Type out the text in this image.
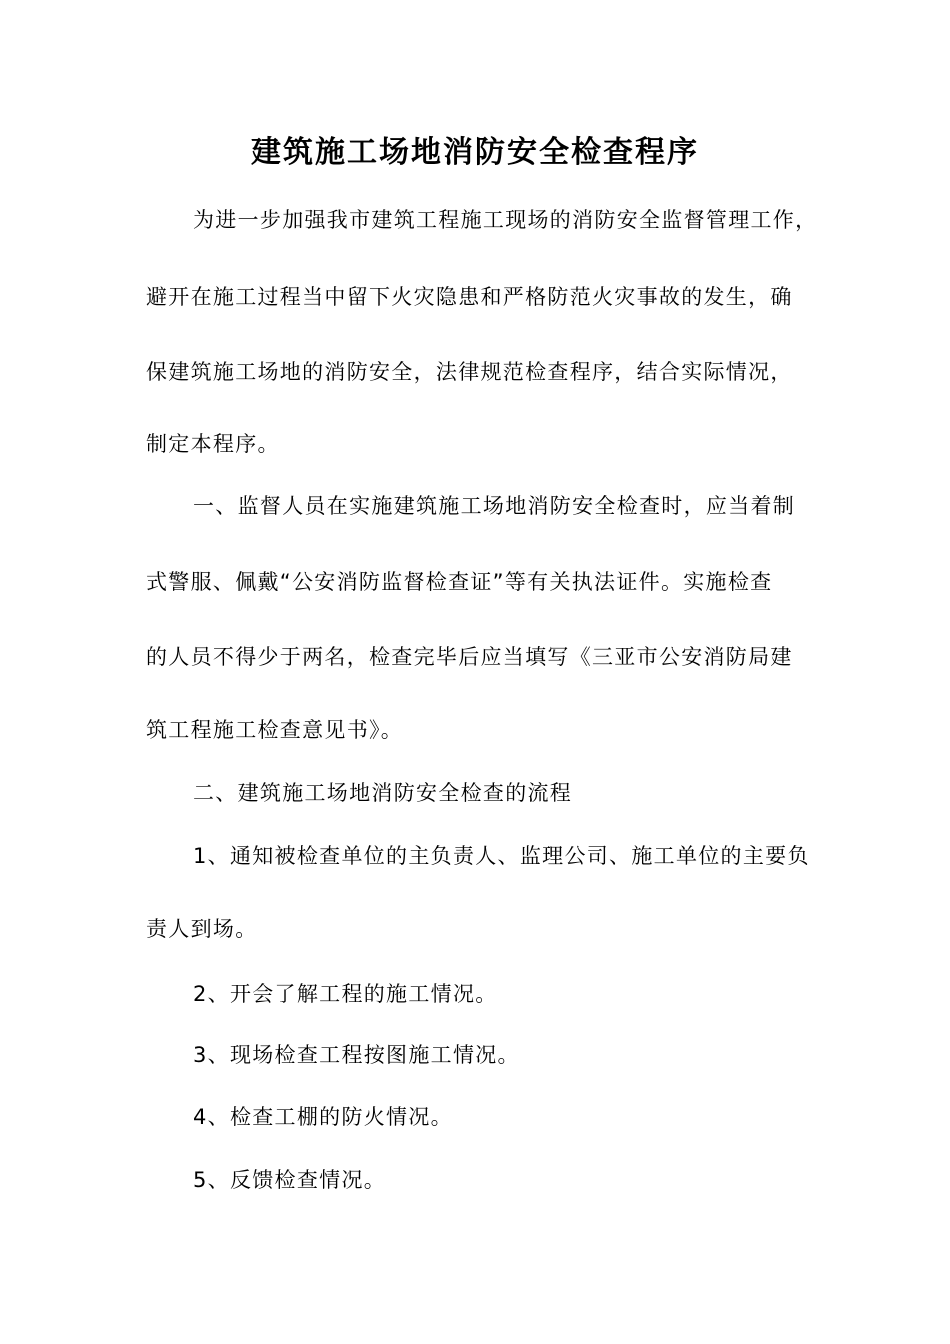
建筑施工场地消防安全检查程序
为进一步加强我市建筑工程施工现场的消防安全监督管理工作，
避开在施工过程当中留下火灾隐患和严格防范火灾事故的发生，确
保建筑施工场地的消防安全，法律规范检查程序，结合实际情况，
制定本程序。
一、监督人员在实施建筑施工场地消防安全检查时，应当着制
式警服、佩戴“公安消防监督检查证”等有关执法证件。实施检查
的人员不得少于两名，检查完毕后应当填写《三亚市公安消防局建
筑工程施工检查意见书》。
二、建筑施工场地消防安全检查的流程
1、通知被检查单位的主负责人、监理公司、施工单位的主要负
责人到场。
2、开会了解工程的施工情况。
3、现场检查工程按图施工情况。
4、检查工棚的防火情况。
5、反馈检查情况。
